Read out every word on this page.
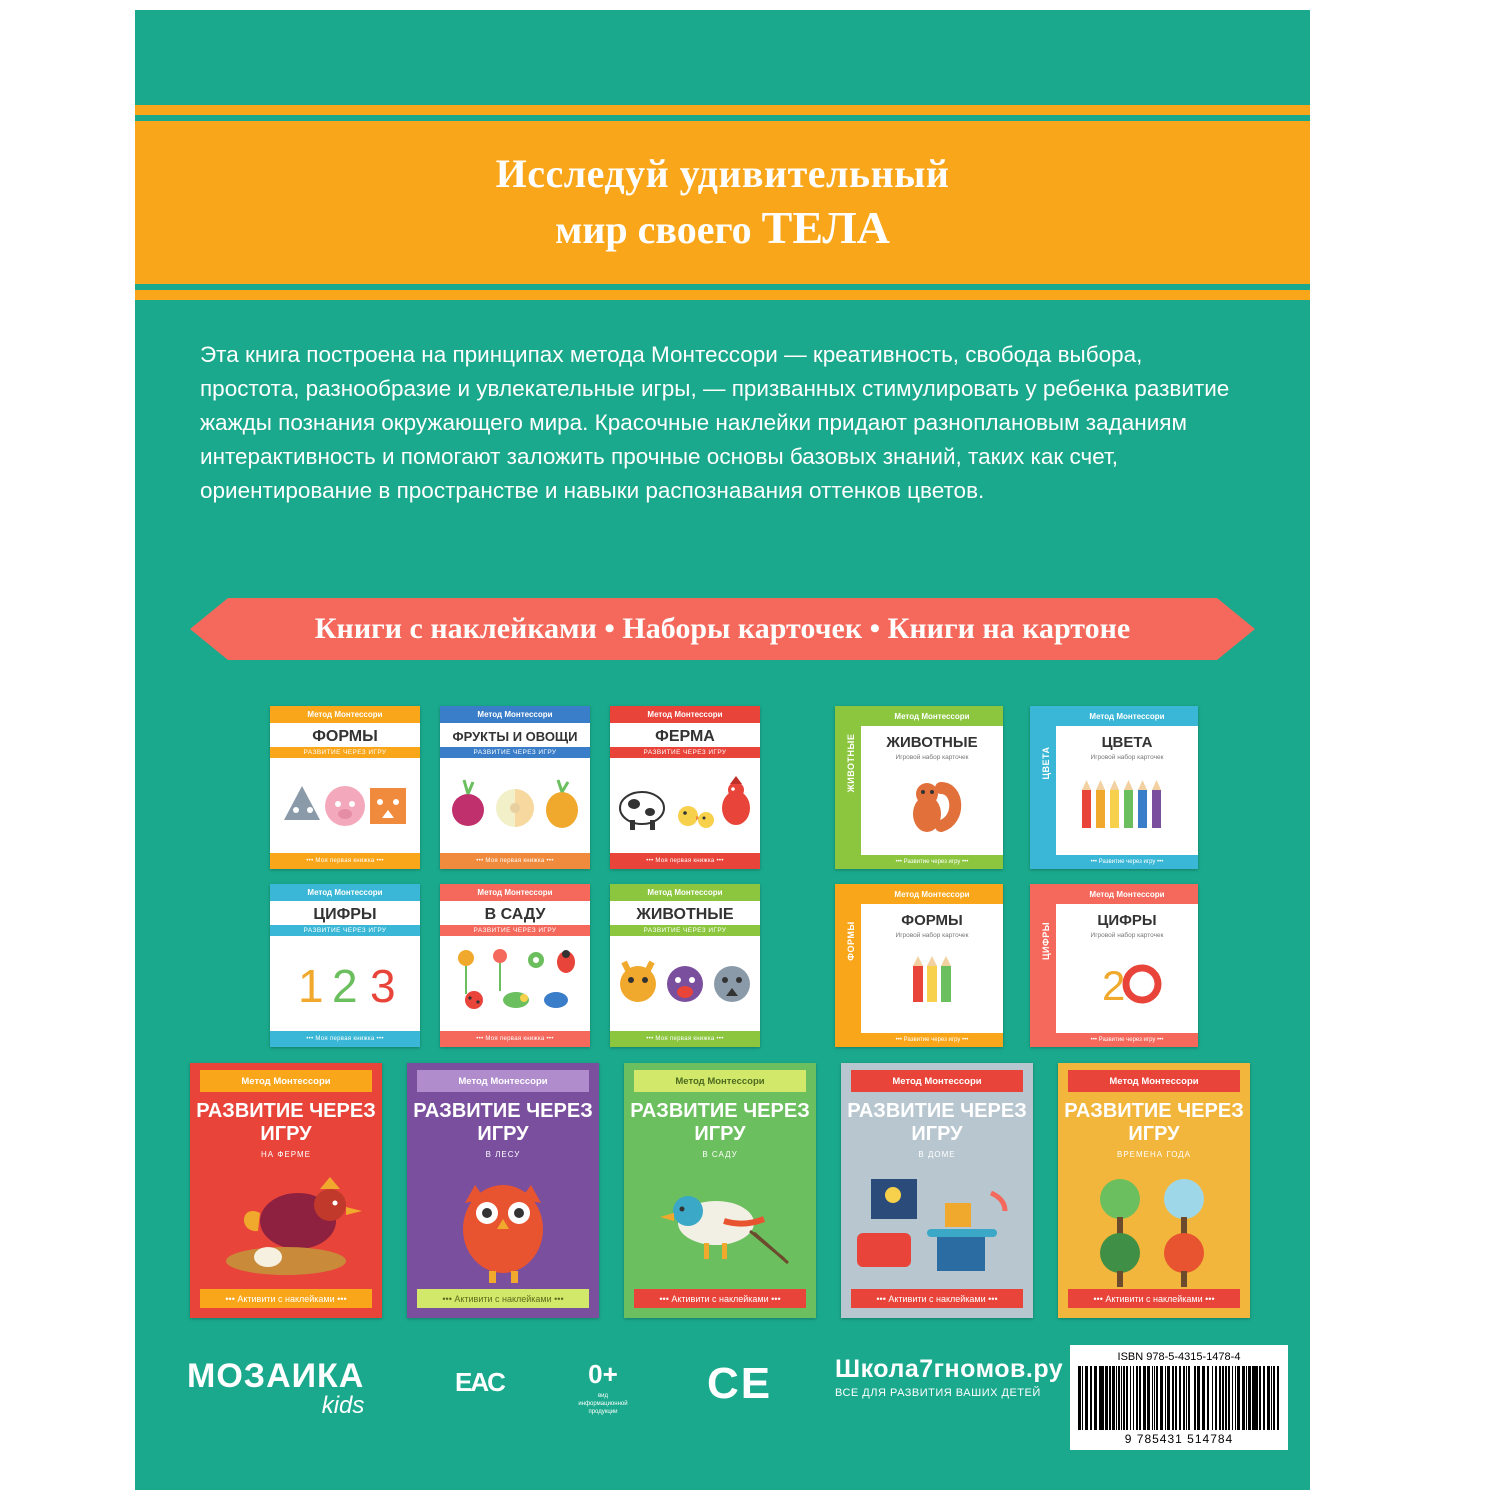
Исследуй удивительный
мир своего ТЕЛА
Эта книга построена на принципах метода Монтессори — креативность, свобода выбора, простота, разнообразие и увлекательные игры, — призванных стимулировать у ребенка развитие жажды познания окружающего мира. Красочные наклейки придают разноплановым заданиям интерактивность и помогают заложить прочные основы базовых знаний, таких как счет, ориентирование в пространстве и навыки распознавания оттенков цветов.
Книги с наклейками • Наборы карточек • Книги на картоне
Метод Монтессори
ФОРМЫ
РАЗВИТИЕ ЧЕРЕЗ ИГРУ
••• Моя первая книжка •••
Метод Монтессори
ФРУКТЫ И ОВОЩИ
РАЗВИТИЕ ЧЕРЕЗ ИГРУ
••• Моя первая книжка •••
Метод Монтессори
ФЕРМА
РАЗВИТИЕ ЧЕРЕЗ ИГРУ
••• Моя первая книжка •••
Метод Монтессори
ЦИФРЫ
РАЗВИТИЕ ЧЕРЕЗ ИГРУ
1 2 3
••• Моя первая книжка •••
Метод Монтессори
В САДУ
РАЗВИТИЕ ЧЕРЕЗ ИГРУ
••• Моя первая книжка •••
Метод Монтессори
ЖИВОТНЫЕ
РАЗВИТИЕ ЧЕРЕЗ ИГРУ
••• Моя первая книжка •••
ЖИВОТНЫЕ
Метод Монтессори
ЖИВОТНЫЕ
Игровой набор карточек
••• Развитие через игру •••
ЦВЕТА
Метод Монтессори
ЦВЕТА
Игровой набор карточек
••• Развитие через игру •••
ФОРМЫ
Метод Монтессори
ФОРМЫ
Игровой набор карточек
••• Развитие через игру •••
ЦИФРЫ
Метод Монтессори
ЦИФРЫ
Игровой набор карточек
2
••• Развитие через игру •••
Метод Монтессори
РАЗВИТИЕ ЧЕРЕЗ ИГРУ
НА ФЕРМЕ
••• Активити с наклейками •••
Метод Монтессори
РАЗВИТИЕ ЧЕРЕЗ ИГРУ
В ЛЕСУ
••• Активити с наклейками •••
Метод Монтессори
РАЗВИТИЕ ЧЕРЕЗ ИГРУ
В САДУ
••• Активити с наклейками •••
Метод Монтессори
РАЗВИТИЕ ЧЕРЕЗ ИГРУ
В ДОМЕ
••• Активити с наклейками •••
Метод Монтессори
РАЗВИТИЕ ЧЕРЕЗ ИГРУ
ВРЕМЕНА ГОДА
••• Активити с наклейками •••
МОЗАИКА
kids
ЕAC	0+
вид информационной продукции
CE	Школа7гномов.ру
ВСЕ ДЛЯ РАЗВИТИЯ ВАШИХ ДЕТЕЙ
ISBN 978-5-4315-1478-4
9 785431 514784
